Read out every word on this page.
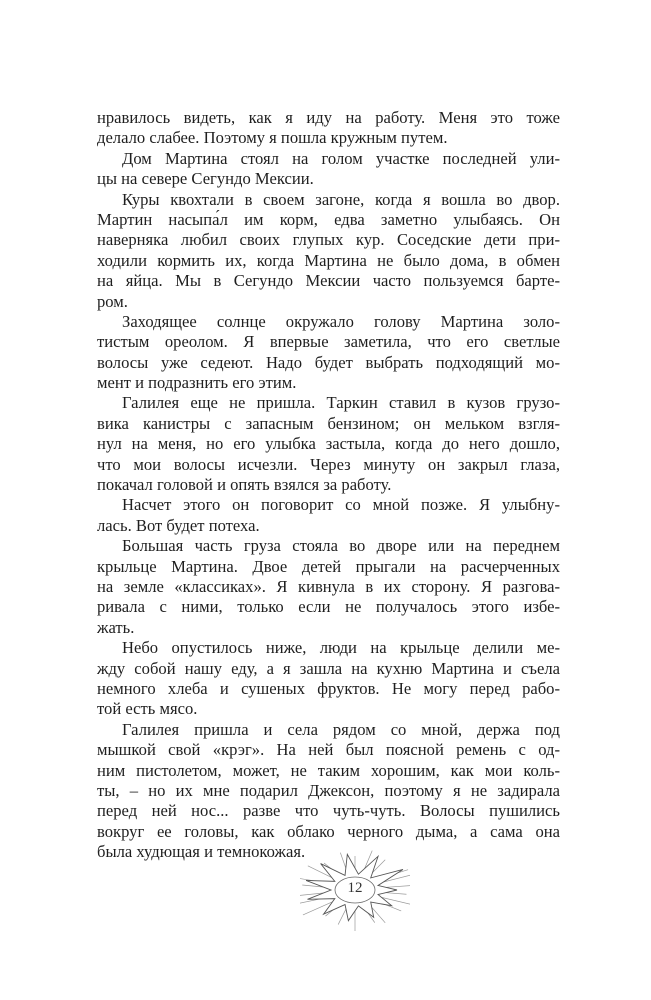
нравилось видеть, как я иду на работу. Меня это тоже
делало слабее. Поэтому я пошла кружным путем.
Дом Мартина стоял на голом участке последней ули-
цы на севере Сегундо Мексии.
Куры квохтали в своем загоне, когда я вошла во двор.
Мартин насыпа́л им корм, едва заметно улыбаясь. Он
наверняка любил своих глупых кур. Соседские дети при-
ходили кормить их, когда Мартина не было дома, в обмен
на яйца. Мы в Сегундо Мексии часто пользуемся барте-
ром.
Заходящее солнце окружало голову Мартина золо-
тистым ореолом. Я впервые заметила, что его светлые
волосы уже седеют. Надо будет выбрать подходящий мо-
мент и подразнить его этим.
Галилея еще не пришла. Таркин ставил в кузов грузо-
вика канистры с запасным бензином; он мельком взгля-
нул на меня, но его улыбка застыла, когда до него дошло,
что мои волосы исчезли. Через минуту он закрыл глаза,
покачал головой и опять взялся за работу.
Насчет этого он поговорит со мной позже. Я улыбну-
лась. Вот будет потеха.
Большая часть груза стояла во дворе или на переднем
крыльце Мартина. Двое детей прыгали на расчерченных
на земле «классиках». Я кивнула в их сторону. Я разгова-
ривала с ними, только если не получалось этого избе-
жать.
Небо опустилось ниже, люди на крыльце делили ме-
жду собой нашу еду, а я зашла на кухню Мартина и съела
немного хлеба и сушеных фруктов. Не могу перед рабо-
той есть мясо.
Галилея пришла и села рядом со мной, держа под
мышкой свой «крэг». На ней был поясной ремень с од-
ним пистолетом, может, не таким хорошим, как мои коль-
ты, – но их мне подарил Джексон, поэтому я не задирала
перед ней нос... разве что чуть-чуть. Волосы пушились
вокруг ее головы, как облако черного дыма, а сама она
была худющая и темнокожая.
12
